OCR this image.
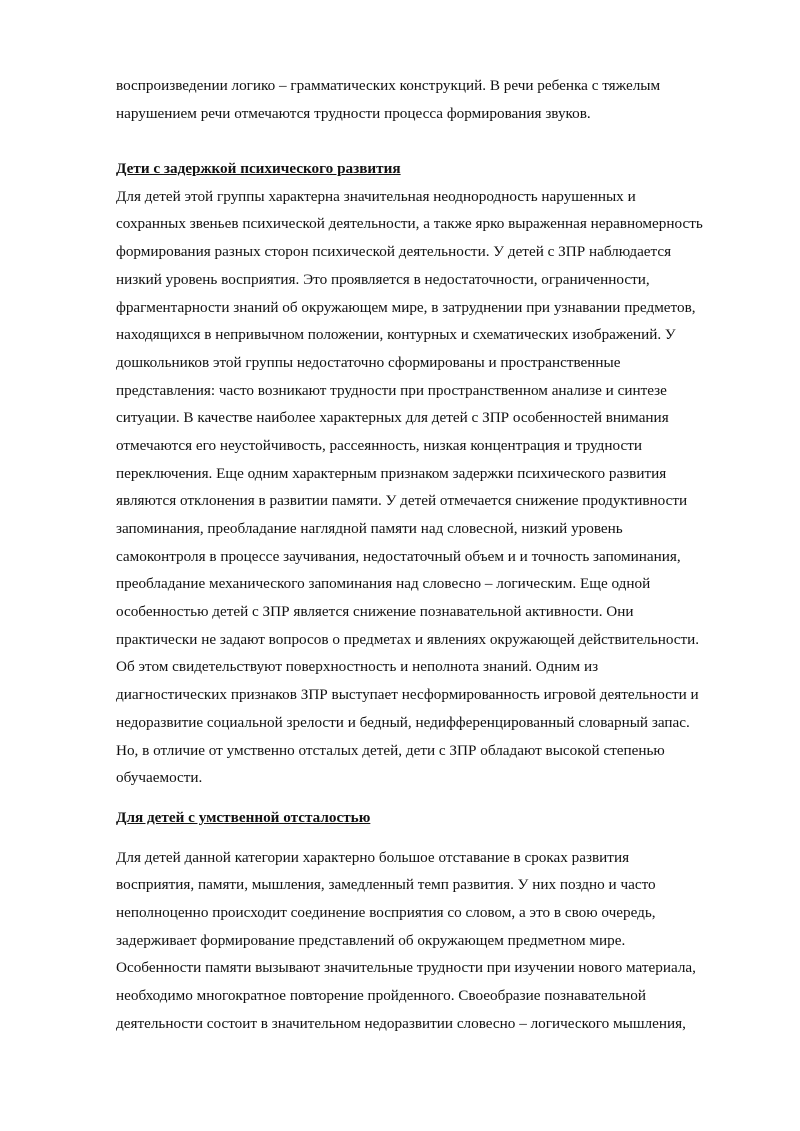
воспроизведении логико – грамматических конструкций. В речи ребенка с тяжелым
нарушением речи отмечаются трудности процесса формирования звуков.
Дети с задержкой психического развития
Для детей этой группы характерна значительная неоднородность нарушенных и
сохранных звеньев психической деятельности, а также ярко выраженная неравномерность
формирования разных сторон психической деятельности. У детей с ЗПР наблюдается
низкий уровень восприятия. Это проявляется в недостаточности, ограниченности,
фрагментарности знаний об окружающем мире, в затруднении при узнавании предметов,
находящихся в непривычном положении, контурных и схематических изображений. У
дошкольников этой группы недостаточно сформированы и пространственные
представления: часто возникают трудности при пространственном анализе и синтезе
ситуации. В качестве наиболее характерных для детей с ЗПР особенностей внимания
отмечаются его неустойчивость, рассеянность, низкая концентрация и трудности
переключения. Еще одним характерным признаком задержки психического развития
являются отклонения в развитии памяти. У детей отмечается снижение продуктивности
запоминания, преобладание наглядной памяти над словесной, низкий уровень
самоконтроля в процессе заучивания, недостаточный объем и и точность запоминания,
преобладание механического запоминания над словесно – логическим. Еще одной
особенностью детей с ЗПР является снижение познавательной активности. Они
практически не задают вопросов о предметах и явлениях окружающей действительности.
Об этом свидетельствуют поверхностность и неполнота знаний. Одним из
диагностических признаков ЗПР выступает несформированность игровой деятельности и
недоразвитие социальной зрелости и бедный, недифференцированный словарный запас.
Но, в отличие от умственно отсталых детей, дети с ЗПР обладают высокой степенью
обучаемости.
Для детей с умственной отсталостью
Для детей данной категории характерно большое отставание в сроках развития
восприятия, памяти, мышления, замедленный темп развития. У них поздно и часто
неполноценно происходит соединение восприятия со словом, а это в свою очередь,
задерживает формирование представлений об окружающем предметном мире.
Особенности памяти вызывают значительные трудности при изучении нового материала,
необходимо многократное повторение пройденного. Своеобразие познавательной
деятельности состоит в значительном недоразвитии словесно – логического мышления,
